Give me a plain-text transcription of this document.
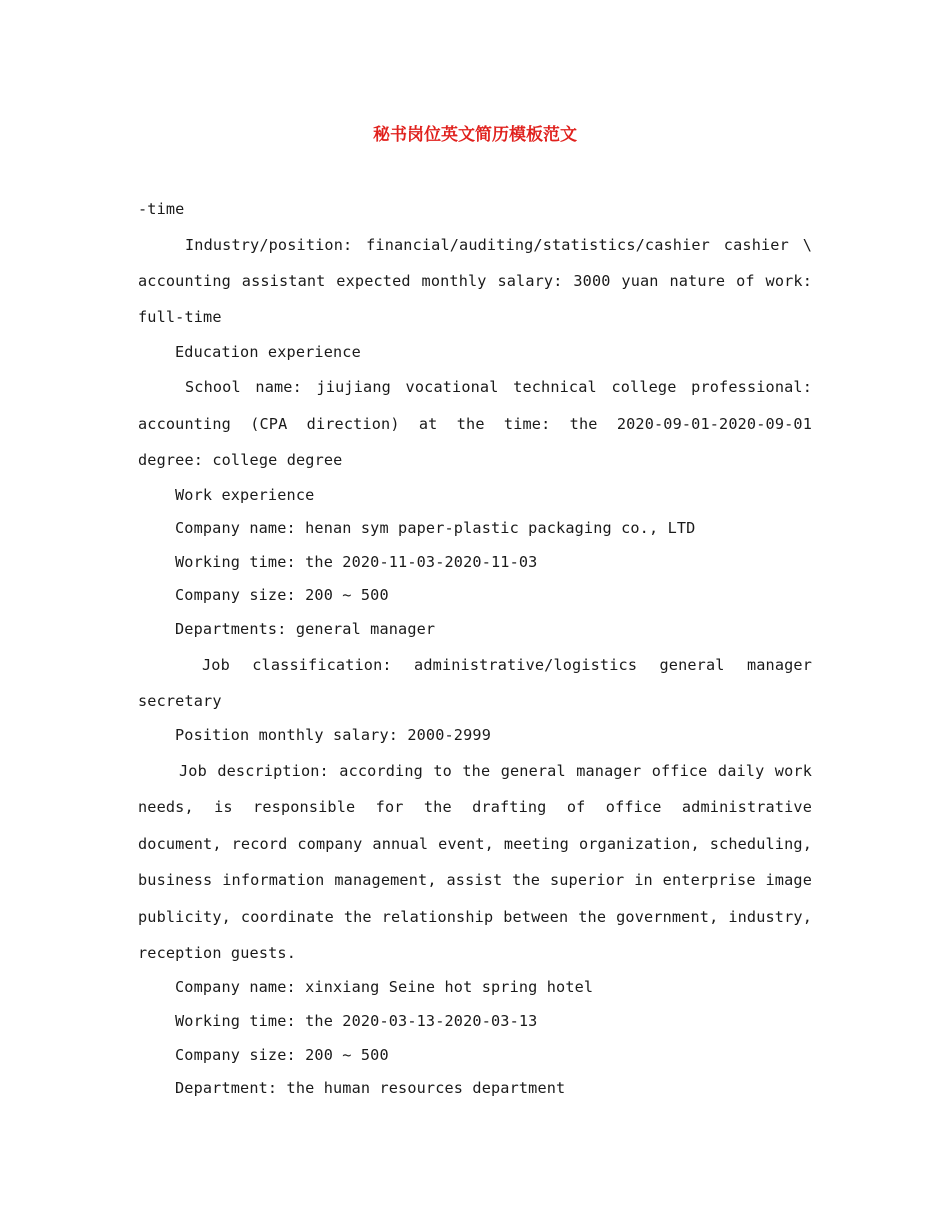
秘书岗位英文简历模板范文

-time

Industry/position: financial/auditing/statistics/cashier cashier \ accounting assistant expected monthly salary: 3000 yuan nature of work: full-time

Education experience

School name: jiujiang vocational technical college professional: accounting (CPA direction) at the time: the 2020-09-01-2020-09-01 degree: college degree

Work experience

Company name: henan sym paper-plastic packaging co., LTD

Working time: the 2020-11-03-2020-11-03

Company size: 200 ~ 500

Departments: general manager

Job classification: administrative/logistics general manager secretary

Position monthly salary: 2000-2999

Job description: according to the general manager office daily work needs, is responsible for the drafting of office administrative document, record company annual event, meeting organization, scheduling, business information management, assist the superior in enterprise image publicity, coordinate the relationship between the government, industry, reception guests.

Company name: xinxiang Seine hot spring hotel

Working time: the 2020-03-13-2020-03-13

Company size: 200 ~ 500

Department: the human resources department
